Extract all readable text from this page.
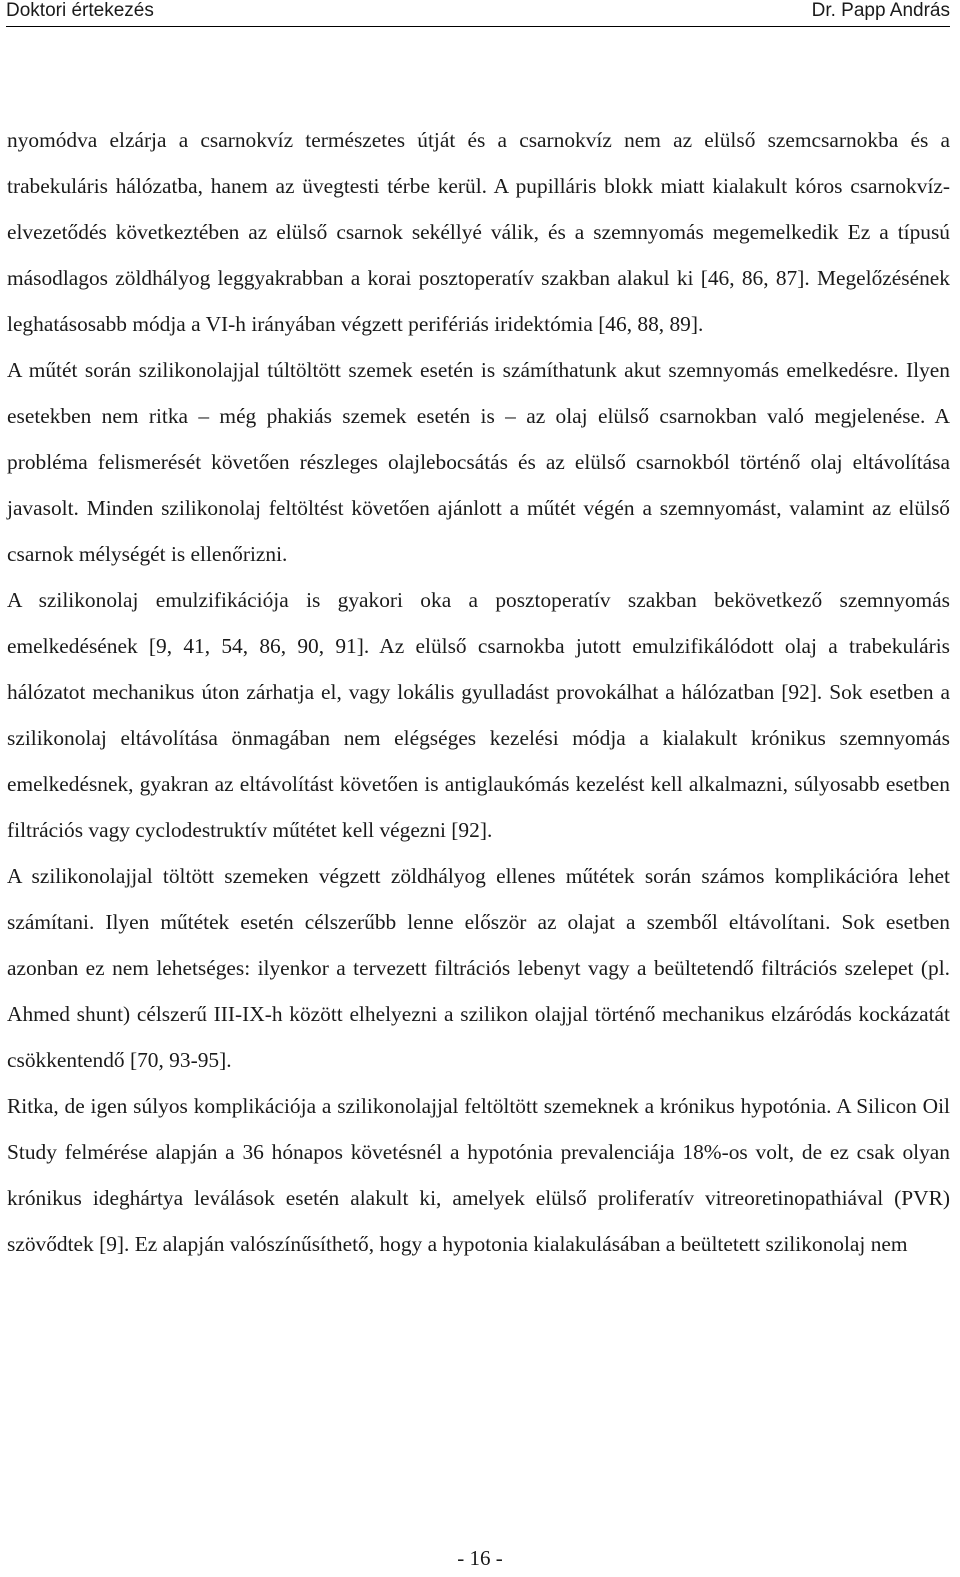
Doktori értekezés	Dr. Papp András

nyomódva elzárja a csarnokvíz természetes útját és a csarnokvíz nem az elülső szemcsarnokba és a trabekuláris hálózatba, hanem az üvegtesti térbe kerül. A pupilláris blokk miatt kialakult kóros csarnokvíz-elvezetődés következtében az elülső csarnok sekéllyé válik, és a szemnyomás megemelkedik Ez a típusú másodlagos zöldhályog leggyakrabban a korai posztoperatív szakban alakul ki [46, 86, 87]. Megelőzésének leghatásosabb módja a VI-h irányában végzett perifériás iridektómia [46, 88, 89].

A műtét során szilikonolajjal túltöltött szemek esetén is számíthatunk akut szemnyomás emelkedésre. Ilyen esetekben nem ritka – még phakiás szemek esetén is – az olaj elülső csarnokban való megjelenése. A probléma felismerését követően részleges olajlebocsátás és az elülső csarnokból történő olaj eltávolítása javasolt. Minden szilikonolaj feltöltést követően ajánlott a műtét végén a szemnyomást, valamint az elülső csarnok mélységét is ellenőrizni.

A szilikonolaj emulzifikációja is gyakori oka a posztoperatív szakban bekövetkező szemnyomás emelkedésének [9, 41, 54, 86, 90, 91]. Az elülső csarnokba jutott emulzifikálódott olaj a trabekuláris hálózatot mechanikus úton zárhatja el, vagy lokális gyulladást provokálhat a hálózatban [92]. Sok esetben a szilikonolaj eltávolítása önmagában nem elégséges kezelési módja a kialakult krónikus szemnyomás emelkedésnek, gyakran az eltávolítást követően is antiglaukómás kezelést kell alkalmazni, súlyosabb esetben filtrációs vagy cyclodestruktív műtétet kell végezni [92].

A szilikonolajjal töltött szemeken végzett zöldhályog ellenes műtétek során számos komplikációra lehet számítani. Ilyen műtétek esetén célszerűbb lenne először az olajat a szemből eltávolítani. Sok esetben azonban ez nem lehetséges: ilyenkor a tervezett filtrációs lebenyt vagy a beültetendő filtrációs szelepet (pl. Ahmed shunt) célszerű III-IX-h között elhelyezni a szilikon olajjal történő mechanikus elzáródás kockázatát csökkentendő [70, 93-95].

Ritka, de igen súlyos komplikációja a szilikonolajjal feltöltött szemeknek a krónikus hypotónia. A Silicon Oil Study felmérése alapján a 36 hónapos követésnél a hypotónia prevalenciája 18%-os volt, de ez csak olyan krónikus ideghártya leválások esetén alakult ki, amelyek elülső proliferatív vitreoretinopathiával (PVR) szövődtek [9]. Ez alapján valószínűsíthető, hogy a hypotonia kialakulásában a beültetett szilikonolaj nem

- 16 -
